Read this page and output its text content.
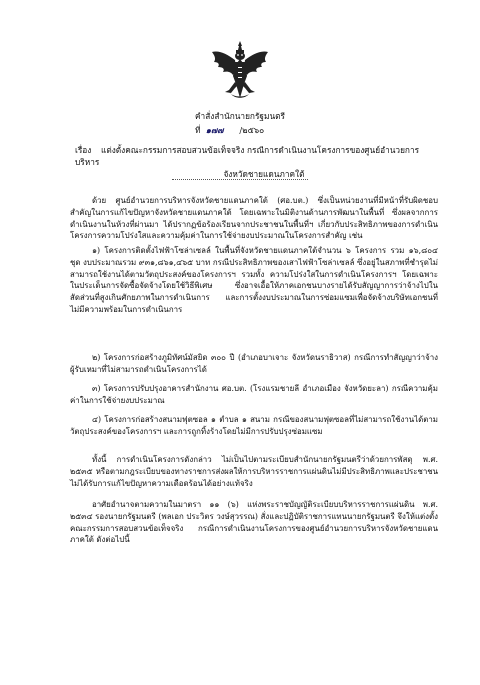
คำสั่งสำนักนายกรัฐมนตรี
ที่ ๑๗๗ /๒๕๖๐
เรื่อง แต่งตั้งคณะกรรมการสอบสวนข้อเท็จจริง กรณีการดำเนินงานโครงการของศูนย์อำนวยการบริหาร
จังหวัดชายแดนภาคใต้
ด้วย ศูนย์อำนวยการบริหารจังหวัดชายแดนภาคใต้ (ศอ.บต.) ซึ่งเป็นหน่วยงานที่มีหน้าที่รับผิดชอบสำคัญในการแก้ไขปัญหาจังหวัดชายแดนภาคใต้ โดยเฉพาะในมิติงานด้านการพัฒนาในพื้นที่ ซึ่งผลจากการดำเนินงานในห้วงที่ผ่านมา ได้ปรากฏข้อร้องเรียนจากประชาชนในพื้นที่ฯ เกี่ยวกับประสิทธิภาพของการดำเนินโครงการความโปร่งใสและความคุ้มค่าในการใช้จ่ายงบประมาณในโครงการสำคัญ เช่น
๑) โครงการติดตั้งไฟฟ้าโซล่าเซลล์ ในพื้นที่จังหวัดชายแดนภาคใต้จำนวน ๖ โครงการ รวม ๑๖,๘๐๔ ชุด งบประมาณรวม ๙๓๑,๘๖๑,๔๖๕ บาท กรณีประสิทธิภาพของเสาไฟฟ้าโซล่าเซลล์ ซึ่งอยู่ในสภาพที่ชำรุดไม่สามารถใช้งานได้ตามวัตถุประสงค์ของโครงการฯ รวมทั้ง ความโปร่งใสในการดำเนินโครงการฯ โดยเฉพาะในประเด็นการจัดซื้อจัดจ้างโดยใช้วิธีพิเศษ ซึ่งอาจเอื้อให้ภาคเอกชนบางรายได้รับสัญญาการว่าจ้างไปในสัดส่วนที่สูงเกินศักยภาพในการดำเนินการ และการตั้งงบประมาณในการซ่อมแซมเพื่อจัดจ้างบริษัทเอกชนที่ไม่มีความพร้อมในการดำเนินการ
๒) โครงการก่อสร้างภูมิทัศน์มัสยิด ๓๐๐ ปี (อำเภอบาเจาะ จังหวัดนราธิวาส) กรณีการทำสัญญาว่าจ้างผู้รับเหมาที่ไม่สามารถดำเนินโครงการได้
๓) โครงการปรับปรุงอาคารสำนักงาน ศอ.บต. (โรงแรมชายลี อำเภอเมือง จังหวัดยะลา) กรณีความคุ้มค่าในการใช้จ่ายงบประมาณ
๔) โครงการก่อสร้างสนามฟุตซอล ๑ ตำบล ๑ สนาม กรณีของสนามฟุตซอลที่ไม่สามารถใช้งานได้ตามวัตถุประสงค์ของโครงการฯ และการถูกทิ้งร้างโดยไม่มีการปรับปรุงซ่อมแซม
ทั้งนี้ การดำเนินโครงการดังกล่าว ไม่เป็นไปตามระเบียบสำนักนายกรัฐมนตรีว่าด้วยการพัสดุ พ.ศ. ๒๕๓๕ หรือตามกฎระเบียบของทางราชการส่งผลให้การบริหารราชการแผ่นดินไม่มีประสิทธิภาพและประชาชนไม่ได้รับการแก้ไขปัญหาความเดือดร้อนได้อย่างแท้จริง
อาศัยอำนาจตามความในมาตรา ๑๑ (๖) แห่งพระราชบัญญัติระเบียบบริหารราชการแผ่นดิน พ.ศ. ๒๕๓๔ รองนายกรัฐมนตรี (พลเอก ประวิตร วงษ์สุวรรณ) สั่งและปฏิบัติราชการแทนนายกรัฐมนตรี จึงให้แต่งตั้งคณะกรรมการสอบสวนข้อเท็จจริง กรณีการดำเนินงานโครงการของศูนย์อำนวยการบริหารจังหวัดชายแดนภาคใต้ ดังต่อไปนี้
